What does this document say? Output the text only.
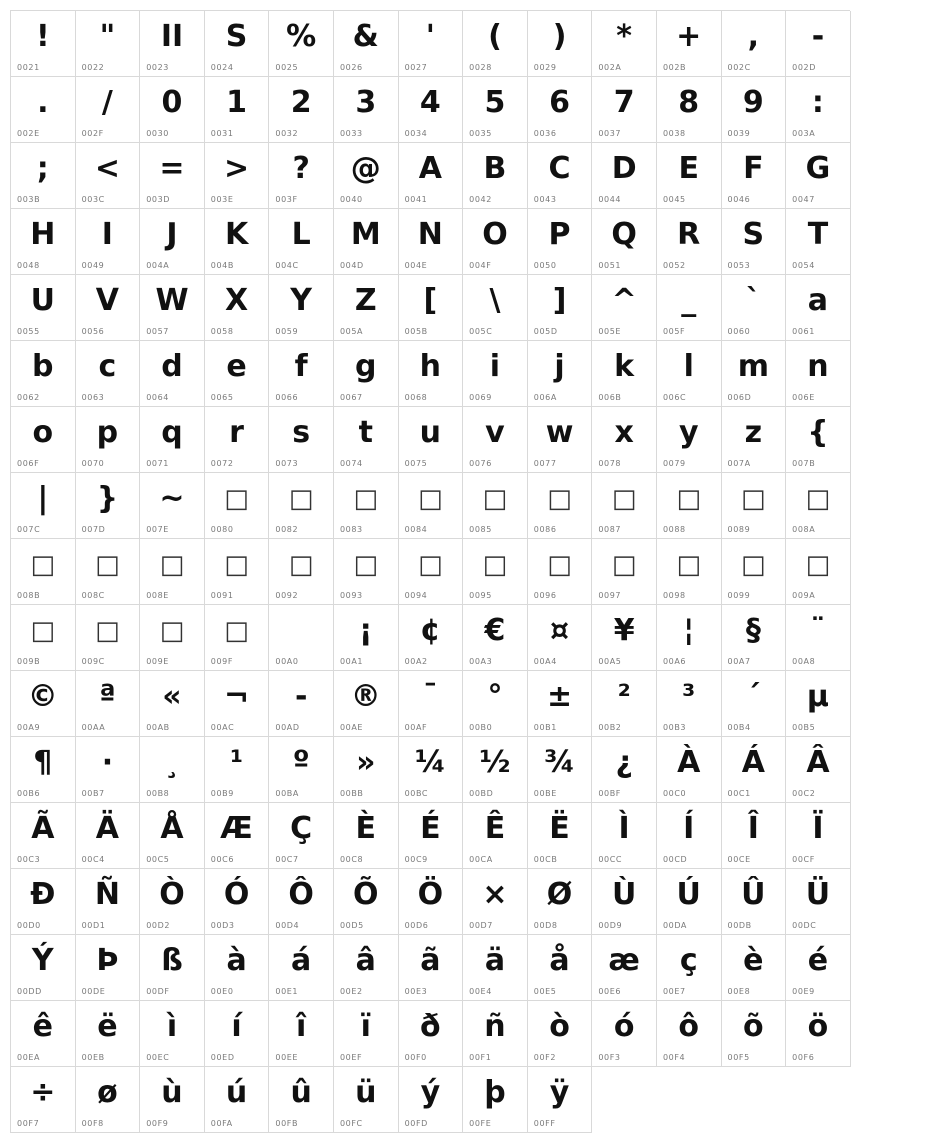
!
0021
"
0022
II
0023
S
0024
%
0025
&
0026
'
0027
(
0028
)
0029
*
002A
+
002B
,
002C
-
002D
.
002E
/
002F
0
0030
1
0031
2
0032
3
0033
4
0034
5
0035
6
0036
7
0037
8
0038
9
0039
:
003A
;
003B
<
003C
=
003D
>
003E
?
003F
@
0040
A
0041
B
0042
C
0043
D
0044
E
0045
F
0046
G
0047
H
0048
I
0049
J
004A
K
004B
L
004C
M
004D
N
004E
O
004F
P
0050
Q
0051
R
0052
S
0053
T
0054
U
0055
V
0056
W
0057
X
0058
Y
0059
Z
005A
[
005B
\
005C
]
005D
^
005E
_
005F
`
0060
a
0061
b
0062
c
0063
d
0064
e
0065
f
0066
g
0067
h
0068
i
0069
j
006A
k
006B
l
006C
m
006D
n
006E
o
006F
p
0070
q
0071
r
0072
s
0073
t
0074
u
0075
v
0076
w
0077
x
0078
y
0079
z
007A
{
007B
|
007C
}
007D
~
007E
□
0080
□
0082
□
0083
□
0084
□
0085
□
0086
□
0087
□
0088
□
0089
□
008A
□
008B
□
008C
□
008E
□
0091
□
0092
□
0093
□
0094
□
0095
□
0096
□
0097
□
0098
□
0099
□
009A
□
009B
□
009C
□
009E
□
009F	00A0
¡
00A1
¢
00A2
€
00A3
¤
00A4
¥
00A5
¦
00A6
§
00A7
¨
00A8
©
00A9
ª
00AA
«
00AB
¬
00AC
-
00AD
®
00AE
¯
00AF
°
00B0
±
00B1
²
00B2
³
00B3
´
00B4
µ
00B5
¶
00B6
·
00B7
¸
00B8
¹
00B9
º
00BA
»
00BB
¼
00BC
½
00BD
¾
00BE
¿
00BF
À
00C0
Á
00C1
Â
00C2
Ã
00C3
Ä
00C4
Å
00C5
Æ
00C6
Ç
00C7
È
00C8
É
00C9
Ê
00CA
Ë
00CB
Ì
00CC
Í
00CD
Î
00CE
Ï
00CF
Ð
00D0
Ñ
00D1
Ò
00D2
Ó
00D3
Ô
00D4
Õ
00D5
Ö
00D6
×
00D7
Ø
00D8
Ù
00D9
Ú
00DA
Û
00DB
Ü
00DC
Ý
00DD
Þ
00DE
ß
00DF
à
00E0
á
00E1
â
00E2
ã
00E3
ä
00E4
å
00E5
æ
00E6
ç
00E7
è
00E8
é
00E9
ê
00EA
ë
00EB
ì
00EC
í
00ED
î
00EE
ï
00EF
ð
00F0
ñ
00F1
ò
00F2
ó
00F3
ô
00F4
õ
00F5
ö
00F6
÷
00F7
ø
00F8
ù
00F9
ú
00FA
û
00FB
ü
00FC
ý
00FD
þ
00FE
ÿ
00FF
